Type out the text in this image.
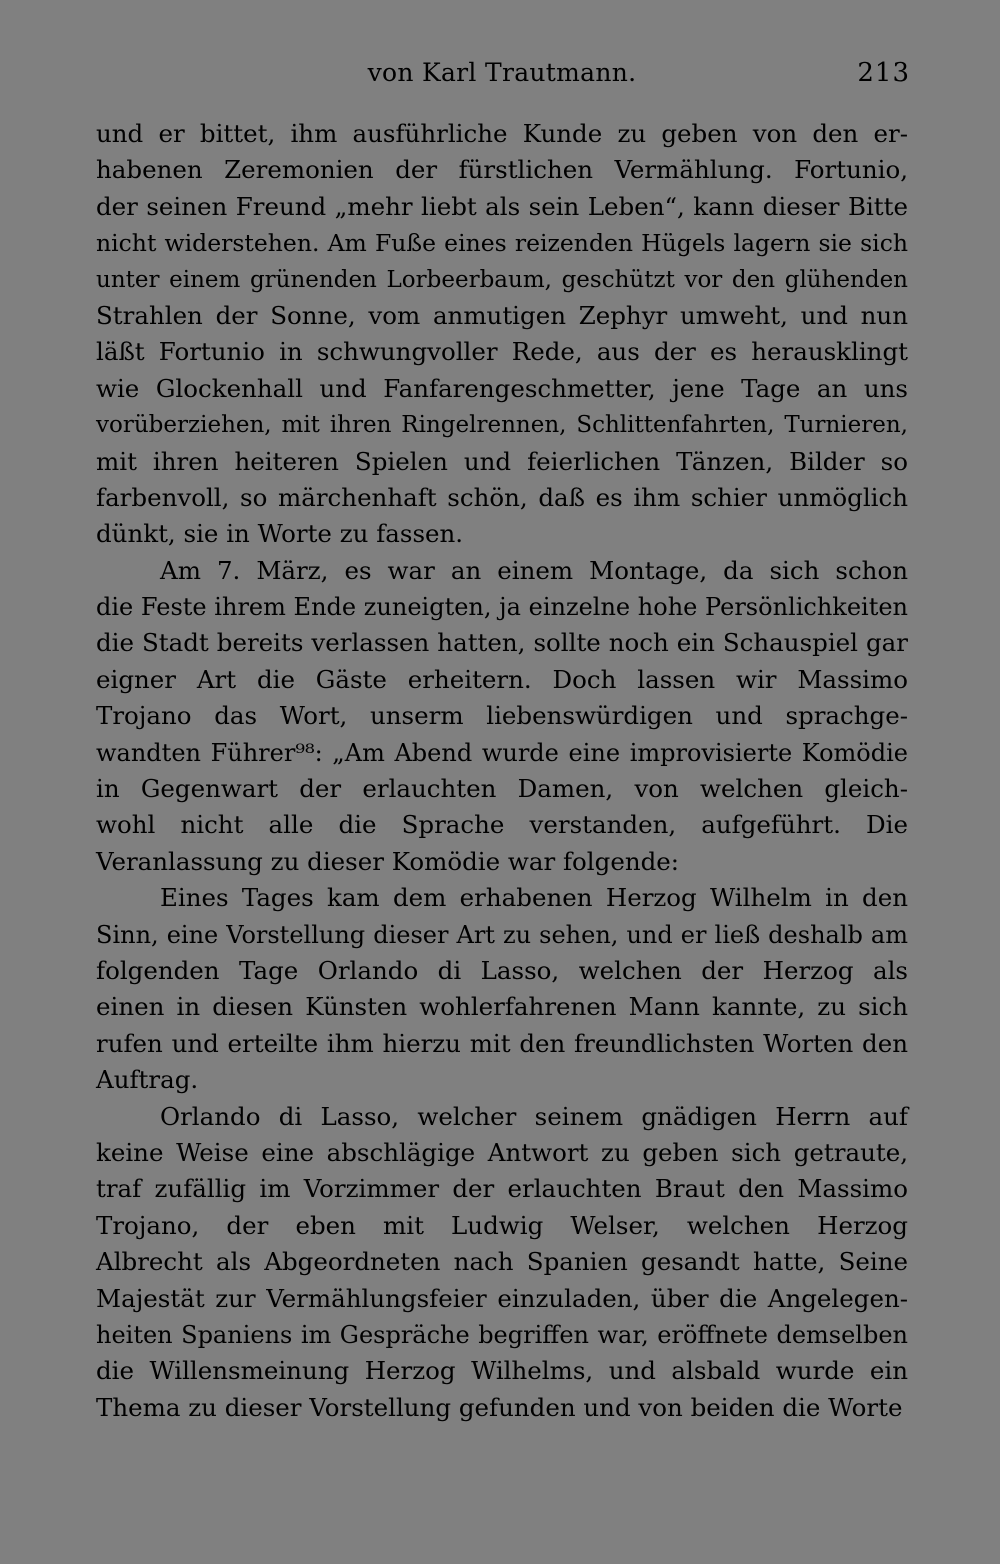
von Karl Trautmann.	213
und er bittet, ihm ausführliche Kunde zu geben von den er-
habenen Zeremonien der fürstlichen Vermählung. Fortunio,
der seinen Freund „mehr liebt als sein Leben“, kann dieser Bitte
nicht widerstehen. Am Fuße eines reizenden Hügels lagern sie sich
unter einem grünenden Lorbeerbaum, geschützt vor den glühenden
Strahlen der Sonne, vom anmutigen Zephyr umweht, und nun
läßt Fortunio in schwungvoller Rede, aus der es herausklingt
wie Glockenhall und Fanfarengeschmetter, jene Tage an uns
vorüberziehen, mit ihren Ringelrennen, Schlittenfahrten, Turnieren,
mit ihren heiteren Spielen und feierlichen Tänzen, Bilder so
farbenvoll, so märchenhaft schön, daß es ihm schier unmöglich
dünkt, sie in Worte zu fassen.
Am 7. März, es war an einem Montage, da sich schon
die Feste ihrem Ende zuneigten, ja einzelne hohe Persönlichkeiten
die Stadt bereits verlassen hatten, sollte noch ein Schauspiel gar
eigner Art die Gäste erheitern. Doch lassen wir Massimo
Trojano das Wort, unserm liebenswürdigen und sprachge-
wandten Führer⁹⁸: „Am Abend wurde eine improvisierte Komödie
in Gegenwart der erlauchten Damen, von welchen gleich-
wohl nicht alle die Sprache verstanden, aufgeführt. Die
Veranlassung zu dieser Komödie war folgende:
Eines Tages kam dem erhabenen Herzog Wilhelm in den
Sinn, eine Vorstellung dieser Art zu sehen, und er ließ deshalb am
folgenden Tage Orlando di Lasso, welchen der Herzog als
einen in diesen Künsten wohlerfahrenen Mann kannte, zu sich
rufen und erteilte ihm hierzu mit den freundlichsten Worten den
Auftrag.
Orlando di Lasso, welcher seinem gnädigen Herrn auf
keine Weise eine abschlägige Antwort zu geben sich getraute,
traf zufällig im Vorzimmer der erlauchten Braut den Massimo
Trojano, der eben mit Ludwig Welser, welchen Herzog
Albrecht als Abgeordneten nach Spanien gesandt hatte, Seine
Majestät zur Vermählungsfeier einzuladen, über die Angelegen-
heiten Spaniens im Gespräche begriffen war, eröffnete demselben
die Willensmeinung Herzog Wilhelms, und alsbald wurde ein
Thema zu dieser Vorstellung gefunden und von beiden die Worte
